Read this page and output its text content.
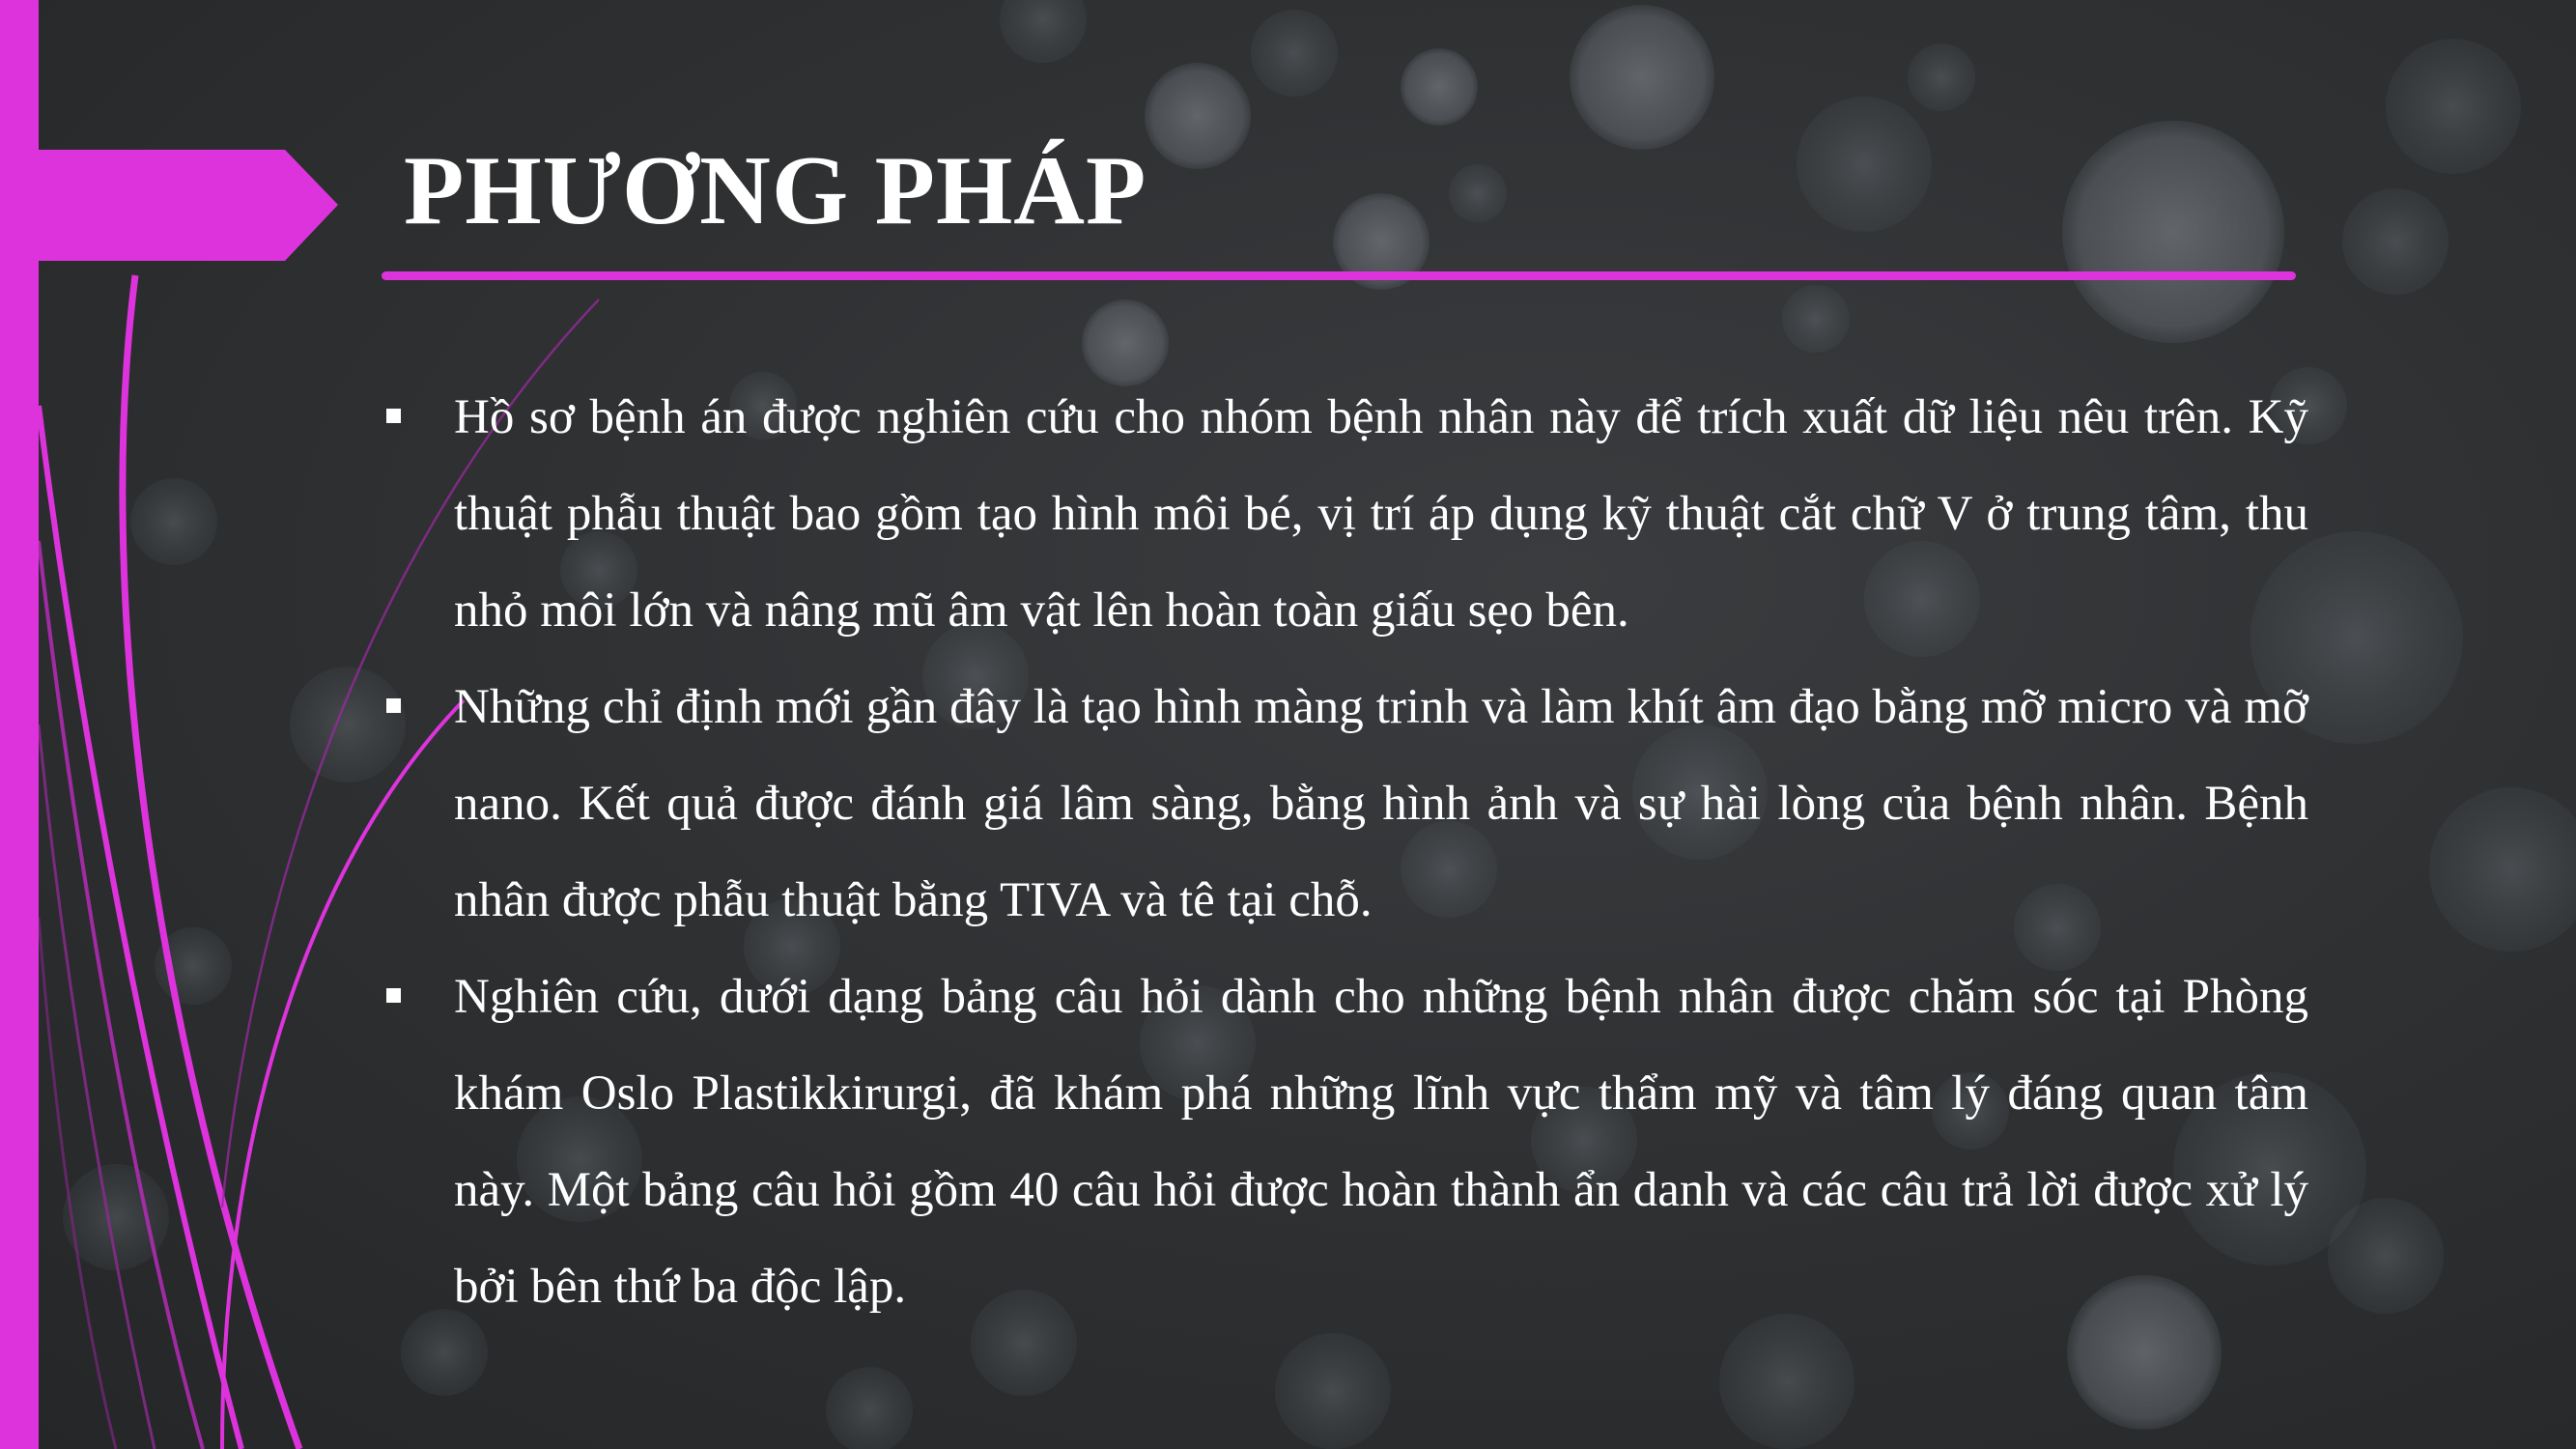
PHƯƠNG PHÁP
Hồ sơ bệnh án được nghiên cứu cho nhóm bệnh nhân này để trích xuất dữ liệu nêu trên. Kỹ thuật phẫu thuật bao gồm tạo hình môi bé, vị trí áp dụng kỹ thuật cắt chữ V ở trung tâm, thu nhỏ môi lớn và nâng mũ âm vật lên hoàn toàn giấu sẹo bên.
Những chỉ định mới gần đây là tạo hình màng trinh và làm khít âm đạo bằng mỡ micro và mỡ nano. Kết quả được đánh giá lâm sàng, bằng hình ảnh và sự hài lòng của bệnh nhân. Bệnh nhân được phẫu thuật bằng TIVA và tê tại chỗ.
Nghiên cứu, dưới dạng bảng câu hỏi dành cho những bệnh nhân được chăm sóc tại Phòng khám Oslo Plastikkirurgi, đã khám phá những lĩnh vực thẩm mỹ và tâm lý đáng quan tâm này. Một bảng câu hỏi gồm 40 câu hỏi được hoàn thành ẩn danh và các câu trả lời được xử lý bởi bên thứ ba độc lập.
